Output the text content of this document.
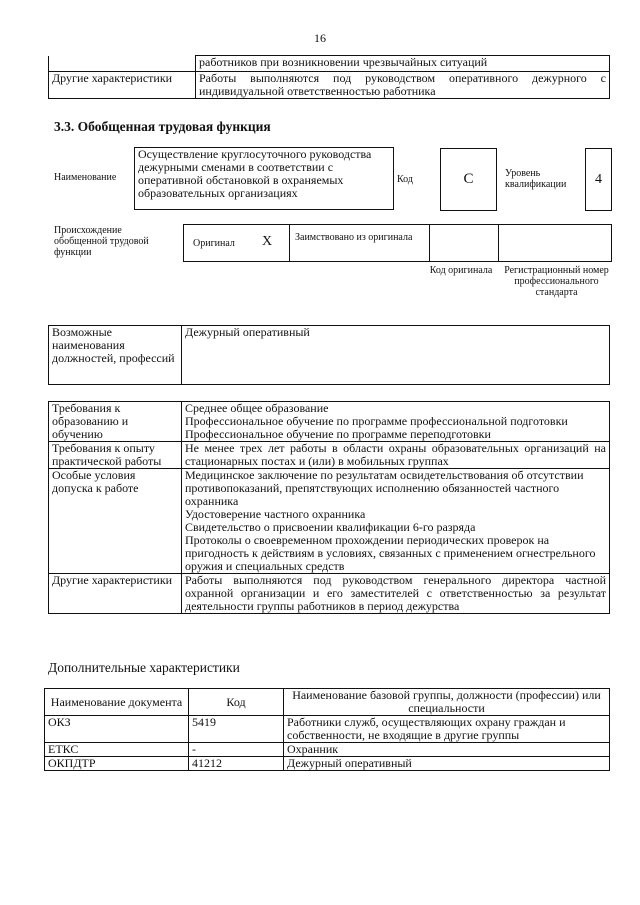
16
	работников при возникновении чрезвычайных ситуаций
Другие характеристики	Работы выполняются под руководством оперативного дежурного с индивидуальной ответственностью работника
3.3. Обобщенная трудовая функция
Наименование
Осуществление круглосуточного руководства дежурными сменами в соответствии с оперативной обстановкой в охраняемых образовательных организациях
Код	C	Уровень квалификации	4
Происхождение обобщенной трудовой функции
Оригинал X Заимствовано из оригинала
Код оригинала	Регистрационный номер профессионального стандарта
Возможные наименования должностей, профессий	Дежурный оперативный
Требования к образованию и обучению	Среднее общее образование
Профессиональное обучение по программе профессиональной подготовки
Профессиональное обучение по программе переподготовки

Требования к опыту практической работы	Не менее трех лет работы в области охраны образовательных организаций на стационарных постах и (или) в мобильных группах
Особые условия допуска к работе	Медицинское заключение по результатам освидетельствования об отсутствии противопоказаний, препятствующих исполнению обязанностей частного охранника
Удостоверение частного охранника
Свидетельство о присвоении квалификации 6-го разряда
Протоколы о своевременном прохождении периодических проверок на пригодность к действиям в условиях, связанных с применением огнестрельного оружия и специальных средств

Другие характеристики	Работы выполняются под руководством генерального директора частной охранной организации и его заместителей с ответственностью за результат деятельности группы работников в период дежурства
Дополнительные характеристики
Наименование документа	Код	Наименование базовой группы, должности (профессии) или специальности
ОКЗ	5419	Работники служб, осуществляющих охрану граждан и собственности, не входящие в другие группы
ЕТКС	-	Охранник
ОКПДТР	41212	Дежурный оперативный
